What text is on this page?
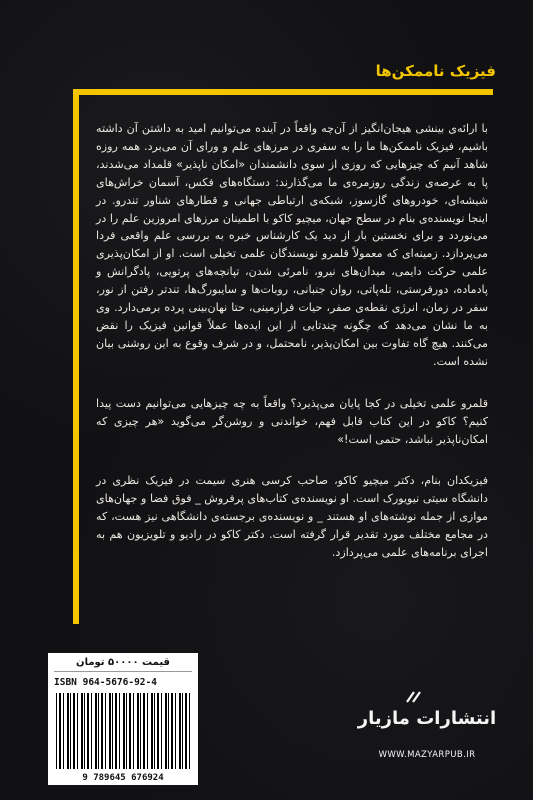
فیزیک ناممکن‌ها

با ارائه‌ی بینشی هیجان‌انگیز از آن‌چه واقعاً در آینده می‌توانیم امید به داشتن آن داشته باشیم، فیزیک ناممکن‌ها ما را به سفری در مرزهای علم و ورای آن می‌برد. همه روزه شاهد آنیم که چیزهایی که روزی از سوی دانشمندان «امکان ناپذیر» قلمداد می‌شدند، پا به عرصه‌ی زندگی روزمره‌ی ما می‌گذارند: دستگاه‌های فکس، آسمان خراش‌های شیشه‌ای، خودروهای گازسوز، شبکه‌ی ارتباطی جهانی و قطارهای شناور تندرو. در اینجا نویسنده‌ی بنام در سطح جهان، میچیو کاکو با اطمینان مرزهای امروزین علم را در می‌نوردد و برای نخستین بار از دید یک کارشناس خبره به بررسی علم واقعی فردا می‌پردازد. زمینه‌ای که معمولاً قلمرو نویسندگان علمی تخیلی است. او از امکان‌پذیری علمی حرکت دایمی، میدان‌های نیرو، نامرئی شدن، تپانچه‌های پرتویی، پادگرانش و پادماده، دورفرستی، تله‌پاتی، روان جنبانی، روبات‌ها و سایبورگ‌ها، تندتر رفتن از نور، سفر در زمان، انرژی نقطه‌ی صفر، حیات فرازمینی، حتا نهان‌بینی پرده برمی‌دارد. وی به ما نشان می‌دهد که چگونه چندتایی از این ایده‌ها عملاً قوانین فیزیک را نقض می‌کنند. هیچ گاه تفاوت بین امکان‌پذیر، نامحتمل، و در شرف وقوع به این روشنی بیان نشده است.

قلمرو علمی تخیلی در کجا پایان می‌پذیرد؟ واقعاً به چه چیزهایی می‌توانیم دست پیدا کنیم؟ کاکو در این کتاب قابل فهم، خواندنی و روشن‌گر می‌گوید «هر چیزی که امکان‌ناپذیر نباشد، حتمی است!»

فیزیکدان بنام، دکتر میچیو کاکو، صاحب کرسی هنری سیمت در فیزیک نظری در دانشگاه سیتی نیویورک است. او نویسنده‌ی کتاب‌های پرفروش _ فوق فضا و جهان‌های موازی از جمله نوشته‌های او هستند _ و نویسنده‌ی برجسته‌ی دانشگاهی نیز هست، که در مجامع مختلف مورد تقدیر قرار گرفته است. دکتر کاکو در رادیو و تلویزیون هم به اجرای برنامه‌های علمی می‌پردازد.

قیمت ۵۰۰۰۰ تومان
ISBN 964-5676-92-4
9 789645 676924
انتشارات مازیار
WWW.MAZYARPUB.IR
